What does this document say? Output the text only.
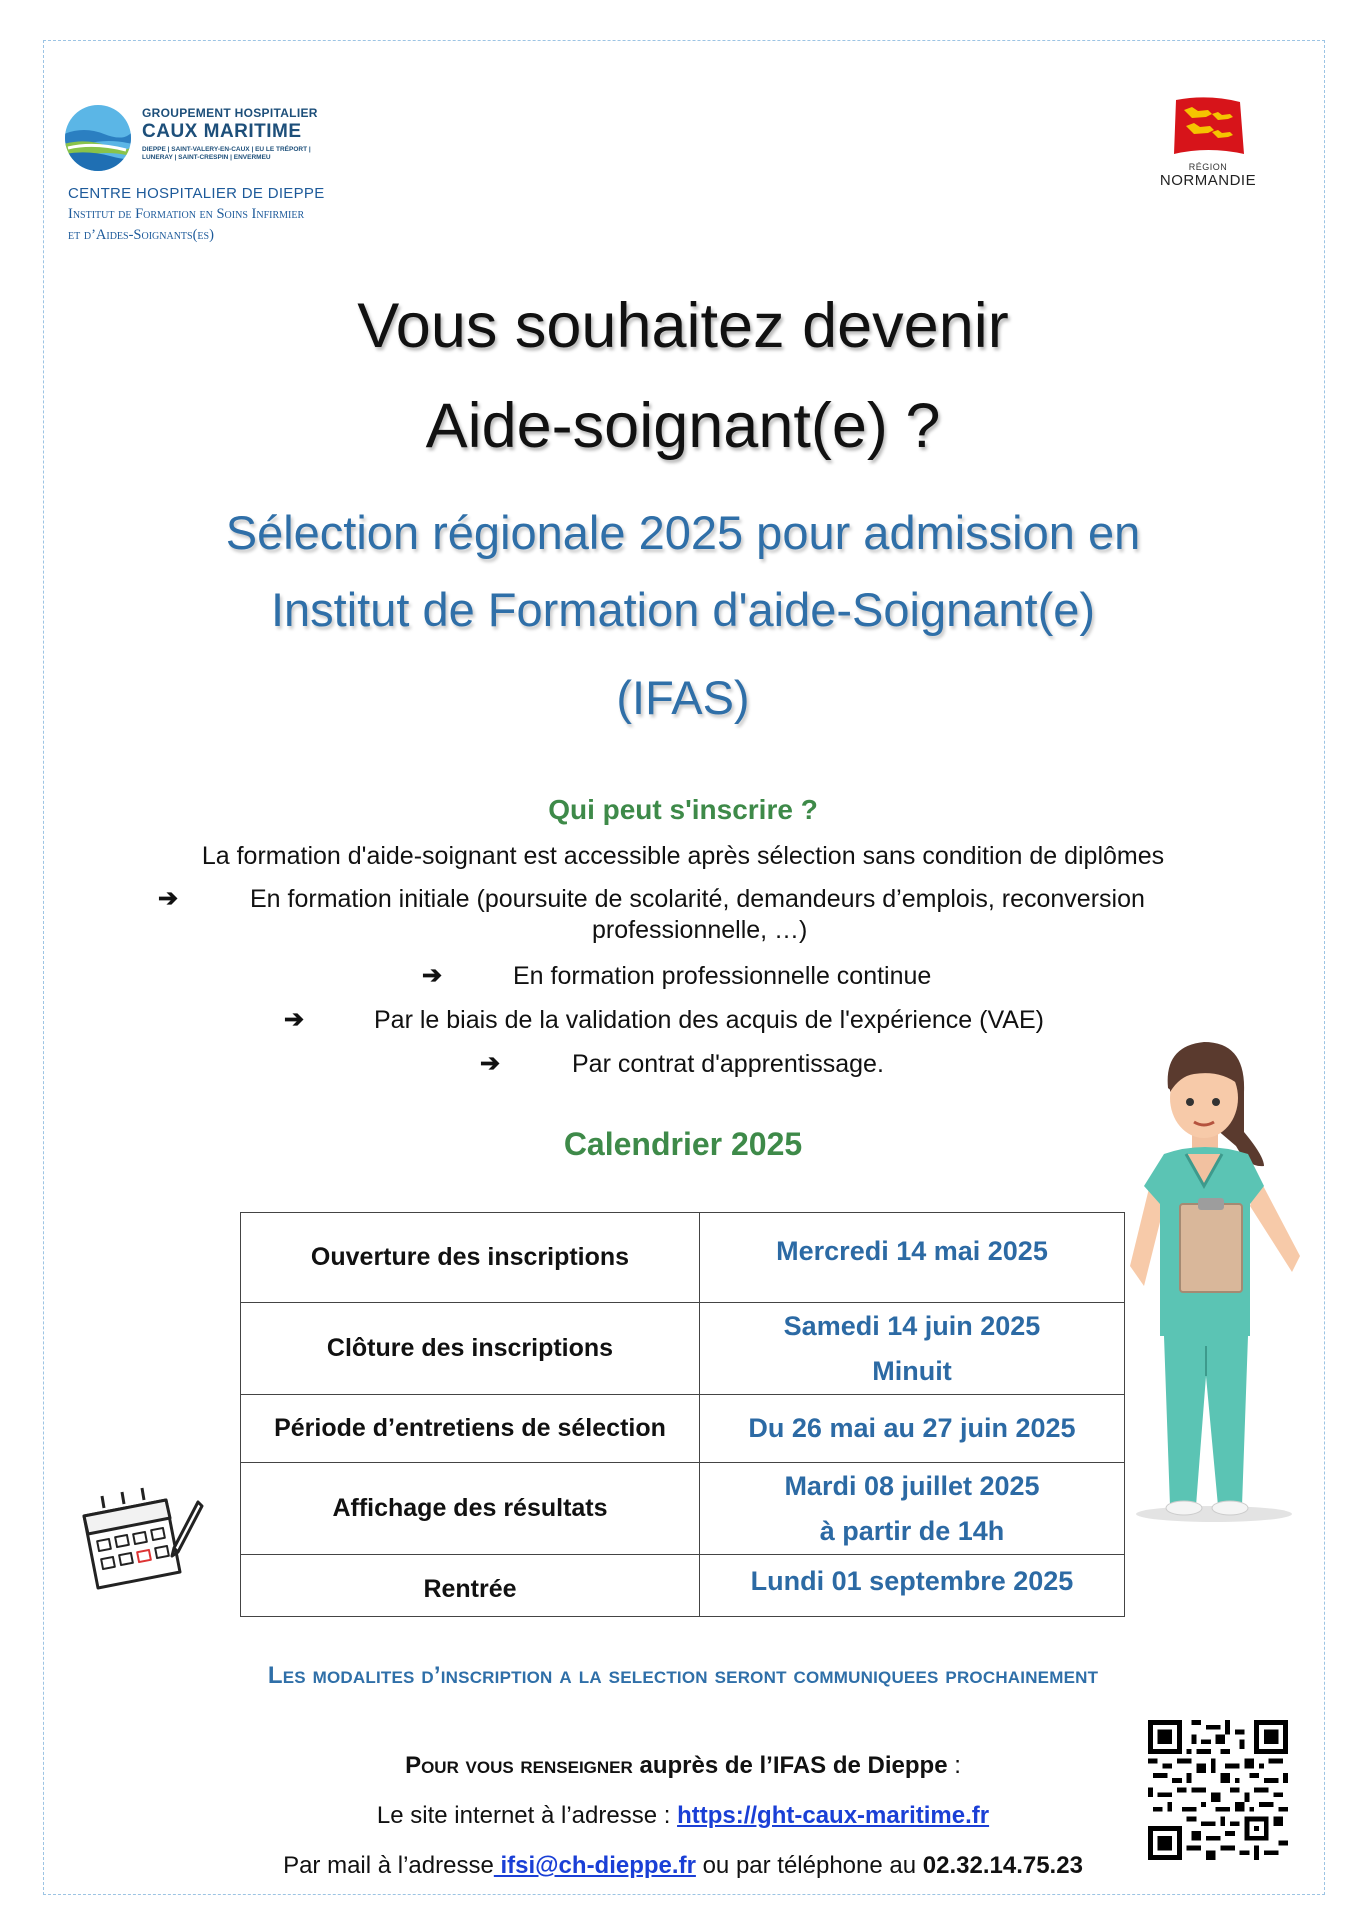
GROUPEMENT HOSPITALIER
CAUX MARITIME
DIEPPE | SAINT-VALERY-EN-CAUX | EU LE TRÉPORT | LUNERAY | SAINT-CRESPIN | ENVERMEU
CENTRE HOSPITALIER DE DIEPPE
Institut de Formation en Soins Infirmier
et d’Aides-Soignants(es)
RÉGION
NORMANDIE
Vous souhaitez devenir
Aide-soignant(e) ?
Sélection régionale 2025 pour admission en
Institut de Formation d'aide-Soignant(e)
(IFAS)
Qui peut s'inscrire ?
La formation d'aide-soignant est accessible après sélection sans condition de diplômes
➔	En formation initiale (poursuite de scolarité, demandeurs d’emplois, reconversion
professionnelle, …)
➔	En formation professionnelle continue
➔	Par le biais de la validation des acquis de l'expérience (VAE)
➔	Par contrat d'apprentissage.
Calendrier 2025
Ouverture des inscriptions	Mercredi 14 mai 2025

Clôture des inscriptions	Samedi 14 juin 2025
Minuit

Période d’entretiens de sélection	Du 26 mai au 27 juin 2025

Affichage des résultats	Mardi 08 juillet 2025
à partir de 14h

Rentrée	Lundi 01 septembre 2025
Les modalites d’inscription a la selection seront communiquees prochainement
Pour vous renseigner auprès de l’IFAS de Dieppe :
Le site internet à l’adresse : https://ght-caux-maritime.fr
Par mail à l’adresse ifsi@ch-dieppe.fr ou par téléphone au 02.32.14.75.23
